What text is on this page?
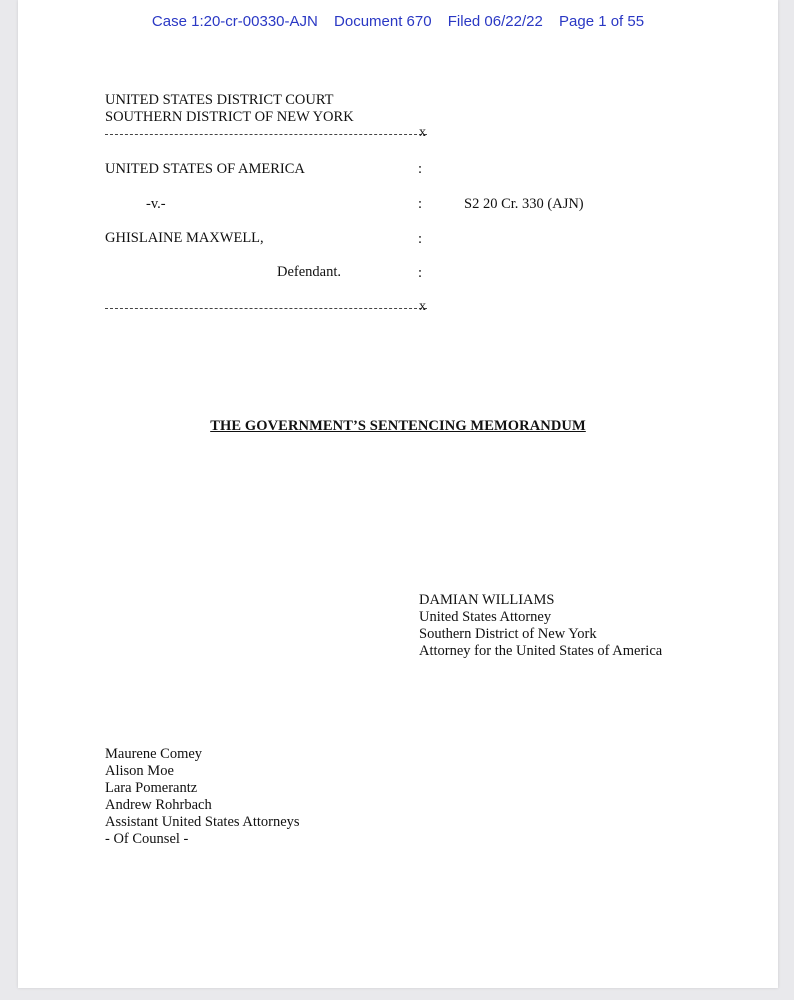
Case 1:20-cr-00330-AJN Document 670 Filed 06/22/22 Page 1 of 55
UNITED STATES DISTRICT COURT
SOUTHERN DISTRICT OF NEW YORK
x
UNITED STATES OF AMERICA	:
-v.-	:	S2 20 Cr. 330 (AJN)
GHISLAINE MAXWELL,	:
Defendant.	:
x
THE GOVERNMENT’S SENTENCING MEMORANDUM
DAMIAN WILLIAMS
United States Attorney
Southern District of New York
Attorney for the United States of America
Maurene Comey
Alison Moe
Lara Pomerantz
Andrew Rohrbach
Assistant United States Attorneys
- Of Counsel -
